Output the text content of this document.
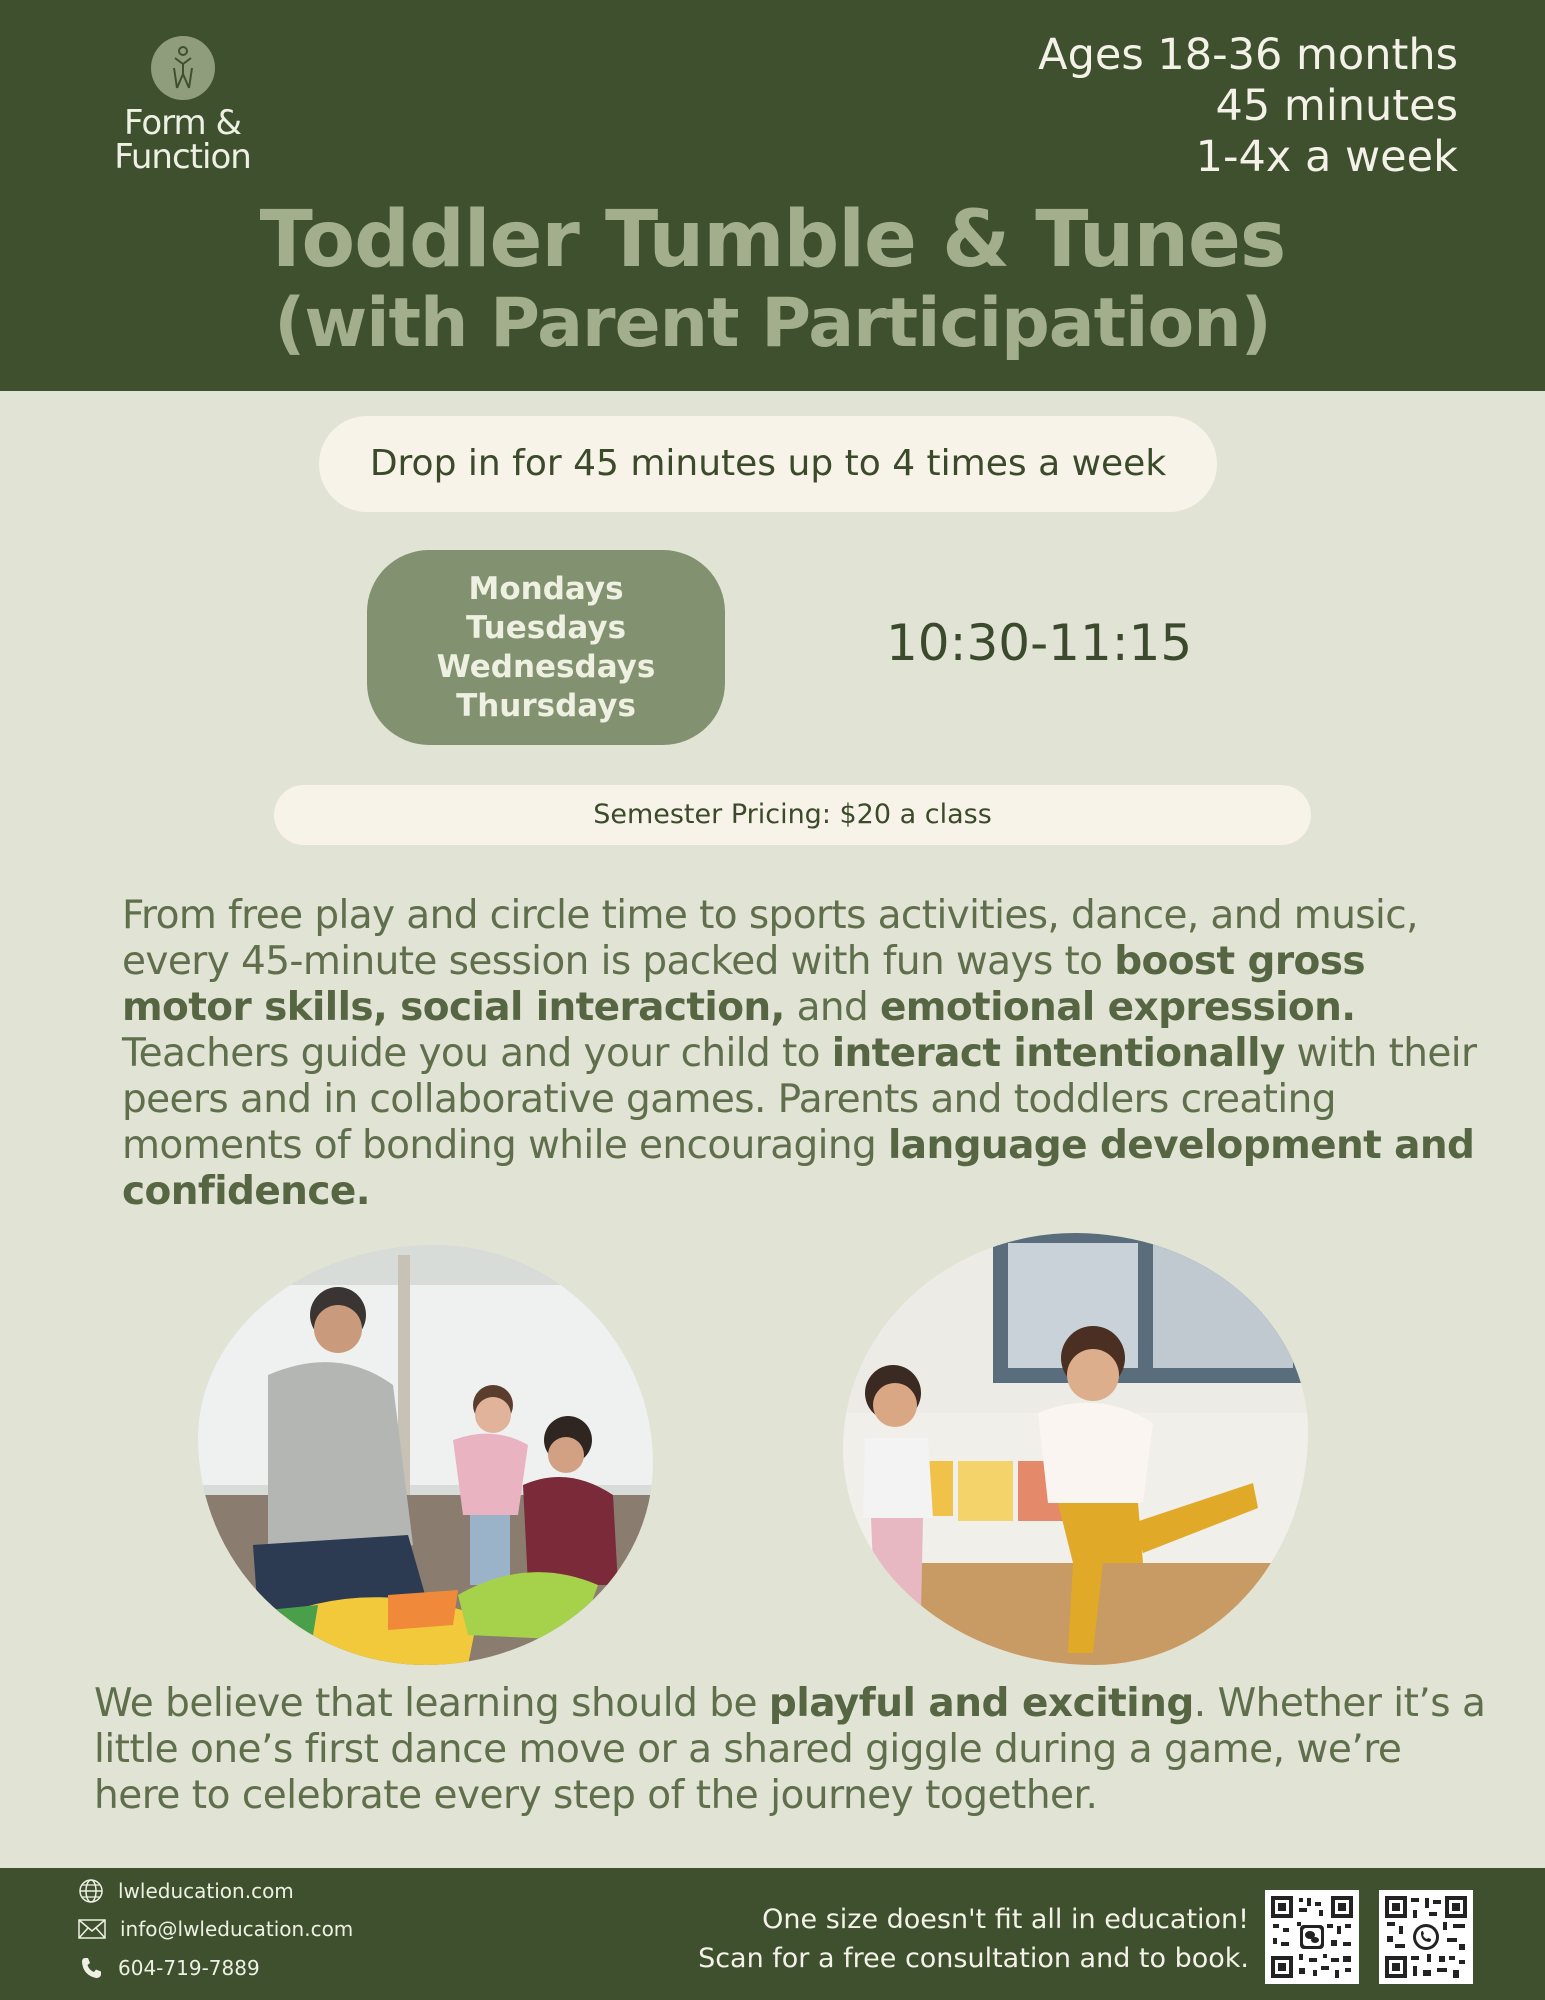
Form &
Function
Ages 18-36 months
45 minutes
1-4x a week
Toddler Tumble & Tunes
(with Parent Participation)
Drop in for 45 minutes up to 4 times a week
Mondays
Tuesdays
Wednesdays
Thursdays
10:30-11:15
Semester Pricing: $20 a class
From free play and circle time to sports activities, dance, and music, every 45-minute session is packed with fun ways to boost gross motor skills, social interaction, and emotional expression. Teachers guide you and your child to interact intentionally with their peers and in collaborative games. Parents and toddlers creating moments of bonding while encouraging language development and confidence.
We believe that learning should be playful and exciting. Whether it’s a little one’s first dance move or a shared giggle during a game, we’re here to celebrate every step of the journey together.
lwleducation.com
info@lwleducation.com
604-719-7889
One size doesn't fit all in education!
Scan for a free consultation and to book.
